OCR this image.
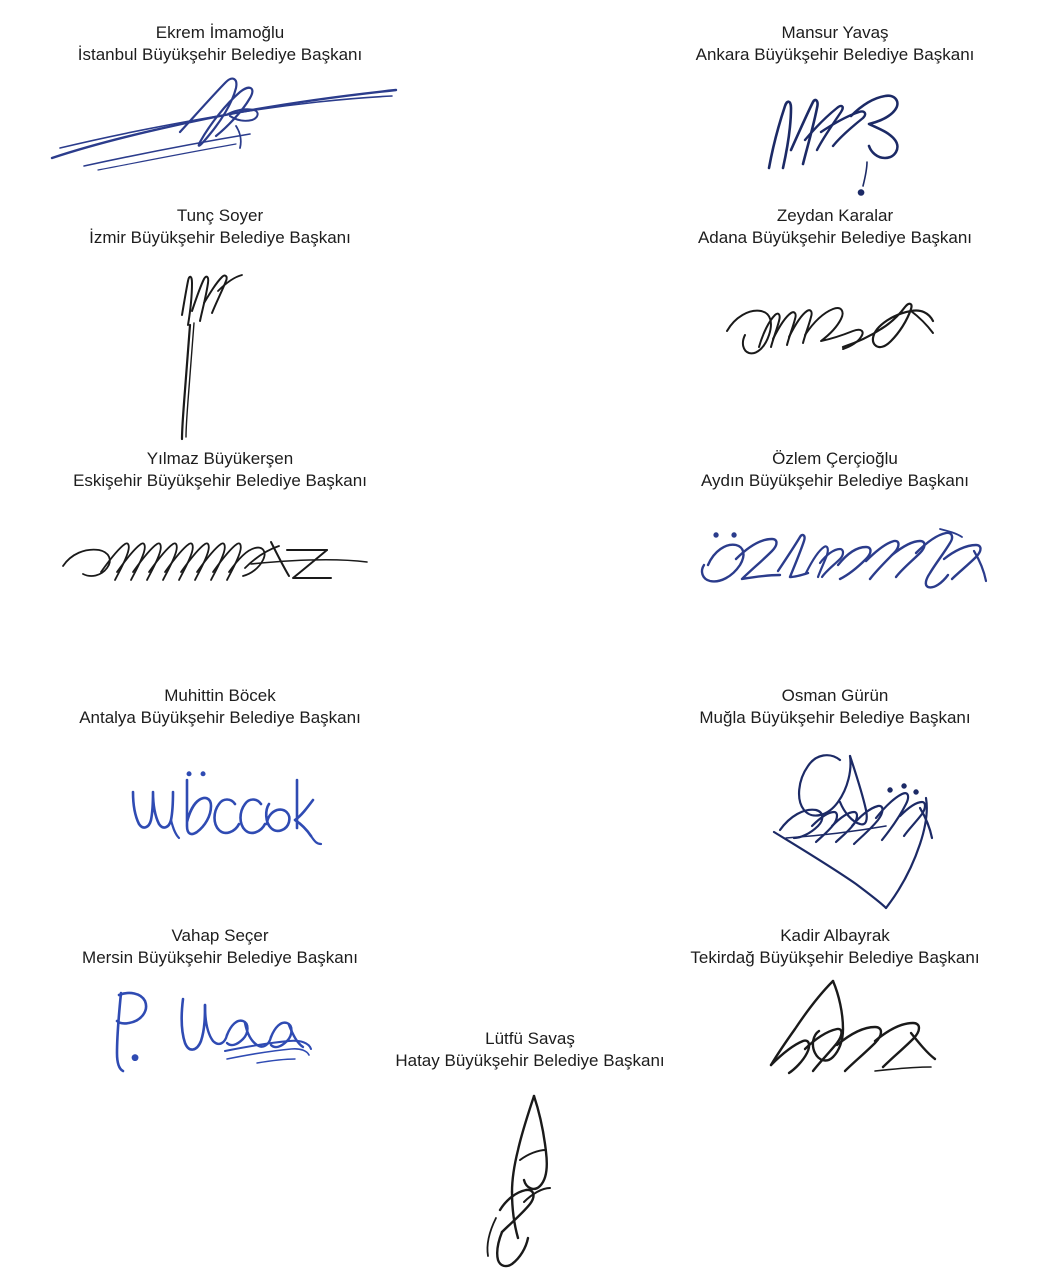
Ekrem İmamoğlu
İstanbul Büyükşehir Belediye Başkanı
Mansur Yavaş
Ankara Büyükşehir Belediye Başkanı
Tunç Soyer
İzmir Büyükşehir Belediye Başkanı
Zeydan Karalar
Adana Büyükşehir Belediye Başkanı
Yılmaz Büyükerşen
Eskişehir Büyükşehir Belediye Başkanı
Özlem Çerçioğlu
Aydın Büyükşehir Belediye Başkanı
Muhittin Böcek
Antalya Büyükşehir Belediye Başkanı
Osman Gürün
Muğla Büyükşehir Belediye Başkanı
Vahap Seçer
Mersin Büyükşehir Belediye Başkanı
Kadir Albayrak
Tekirdağ Büyükşehir Belediye Başkanı
Lütfü Savaş
Hatay Büyükşehir Belediye Başkanı
